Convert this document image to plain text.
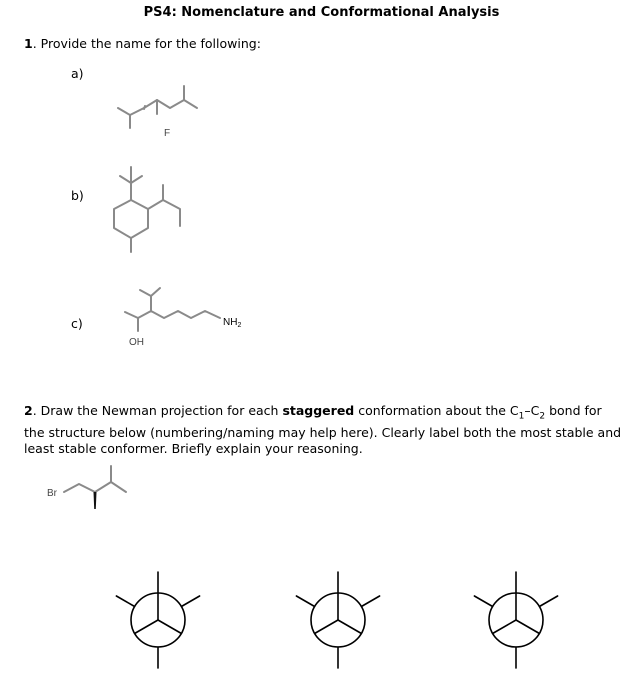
PS4: Nomenclature and Conformational Analysis
1. Provide the name for the following:
a)
b)
c)
F
OH
$NH_2$
2. Draw the Newman projection for each staggered conformation about the $C_1-C_2$ bond for the structure below (numbering/naming may help here). Clearly label both the most stable and least stable conformer. Briefly explain your reasoning.
Br
